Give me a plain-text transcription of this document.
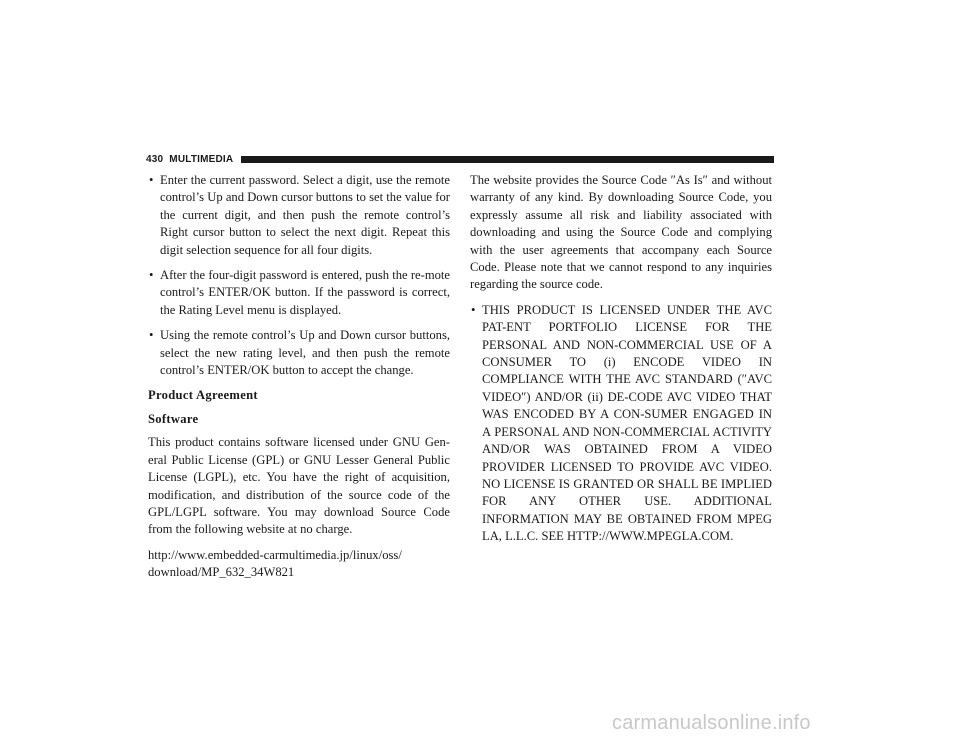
430 MULTIMEDIA
• Enter the current password. Select a digit, use the remote control’s Up and Down cursor buttons to set the value for the current digit, and then push the remote control’s Right cursor button to select the next digit. Repeat this digit selection sequence for all four digits.
• After the four-digit password is entered, push the re-mote control’s ENTER/OK button. If the password is correct, the Rating Level menu is displayed.
• Using the remote control’s Up and Down cursor buttons, select the new rating level, and then push the remote control’s ENTER/OK button to accept the change.
Product Agreement
Software

This product contains software licensed under GNU Gen-eral Public License (GPL) or GNU Lesser General Public License (LGPL), etc. You have the right of acquisition, modification, and distribution of the source code of the GPL/LGPL software. You may download Source Code from the following website at no charge.

http://www.embedded-carmultimedia.jp/linux/oss/
download/MP_632_34W821

The website provides the Source Code ″As Is″ and without warranty of any kind. By downloading Source Code, you expressly assume all risk and liability associated with downloading and using the Source Code and complying with the user agreements that accompany each Source Code. Please note that we cannot respond to any inquiries regarding the source code.

• THIS PRODUCT IS LICENSED UNDER THE AVC PAT-ENT PORTFOLIO LICENSE FOR THE PERSONAL AND NON-COMMERCIAL USE OF A CONSUMER TO (i) ENCODE VIDEO IN COMPLIANCE WITH THE AVC STANDARD (″AVC VIDEO″) AND/OR (ii) DE-CODE AVC VIDEO THAT WAS ENCODED BY A CON-SUMER ENGAGED IN A PERSONAL AND NON-COMMERCIAL ACTIVITY AND/OR WAS OBTAINED FROM A VIDEO PROVIDER LICENSED TO PROVIDE AVC VIDEO. NO LICENSE IS GRANTED OR SHALL BE IMPLIED FOR ANY OTHER USE. ADDITIONAL INFORMATION MAY BE OBTAINED FROM MPEG LA, L.L.C. SEE HTTP://WWW.MPEGLA.COM.
carmanualsonline.info
